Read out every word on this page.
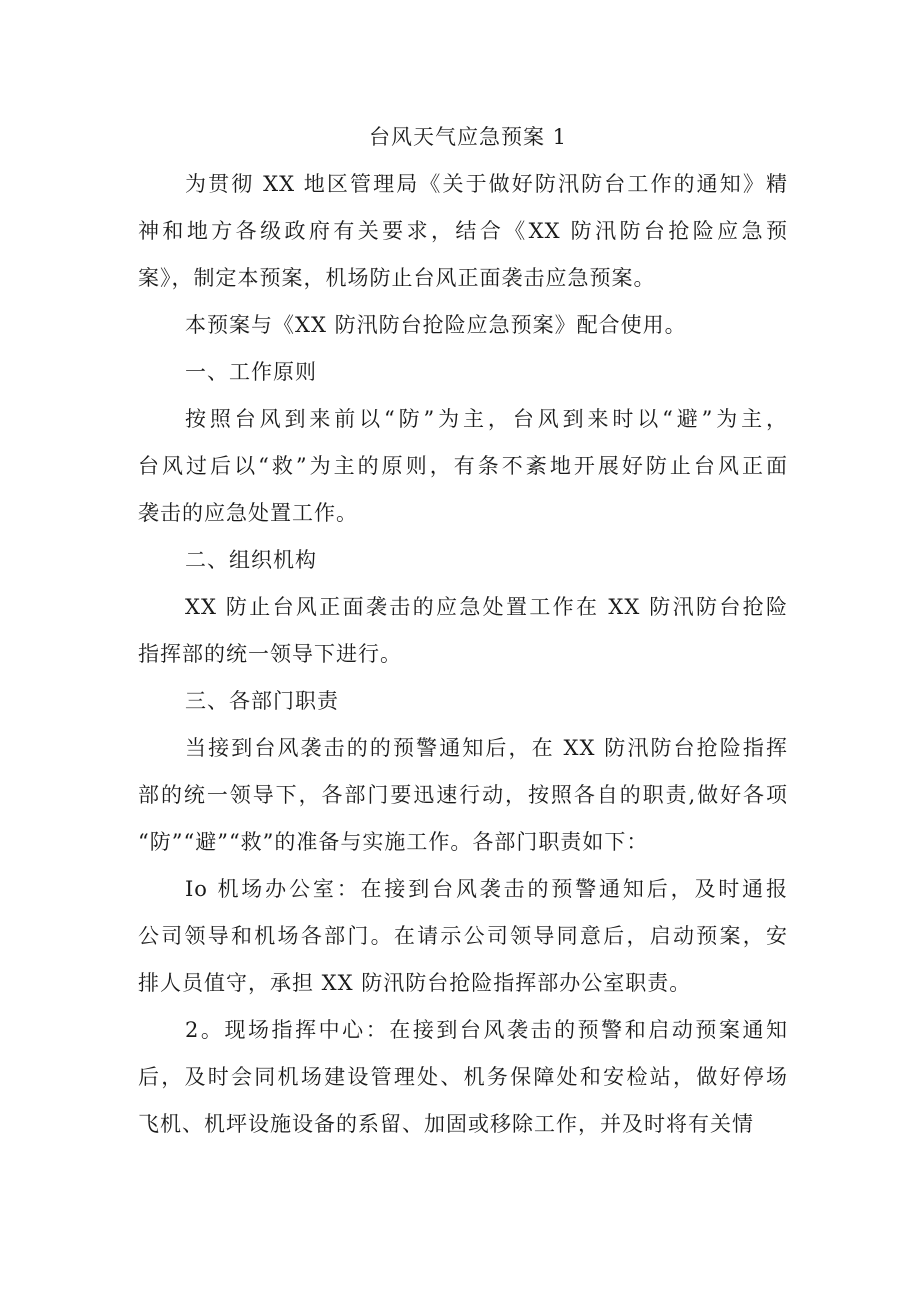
台风天气应急预案 1
为贯彻 XX 地区管理局《关于做好防汛防台工作的通知》精
神和地方各级政府有关要求，结合《XX 防汛防台抢险应急预
案》，制定本预案，机场防止台风正面袭击应急预案。
本预案与《XX 防汛防台抢险应急预案》配合使用。
一、工作原则
按照台风到来前以“防”为主，台风到来时以“避”为主，
台风过后以“救”为主的原则，有条不紊地开展好防止台风正面
袭击的应急处置工作。
二、组织机构
XX 防止台风正面袭击的应急处置工作在 XX 防汛防台抢险
指挥部的统一领导下进行。
三、各部门职责
当接到台风袭击的的预警通知后，在 XX 防汛防台抢险指挥
部的统一领导下，各部门要迅速行动，按照各自的职责,做好各项
“防”“避”“救”的准备与实施工作。各部门职责如下：
Io 机场办公室：在接到台风袭击的预警通知后，及时通报
公司领导和机场各部门。在请示公司领导同意后，启动预案，安
排人员值守，承担 XX 防汛防台抢险指挥部办公室职责。
2。现场指挥中心：在接到台风袭击的预警和启动预案通知
后，及时会同机场建设管理处、机务保障处和安检站，做好停场
飞机、机坪设施设备的系留、加固或移除工作，并及时将有关情
